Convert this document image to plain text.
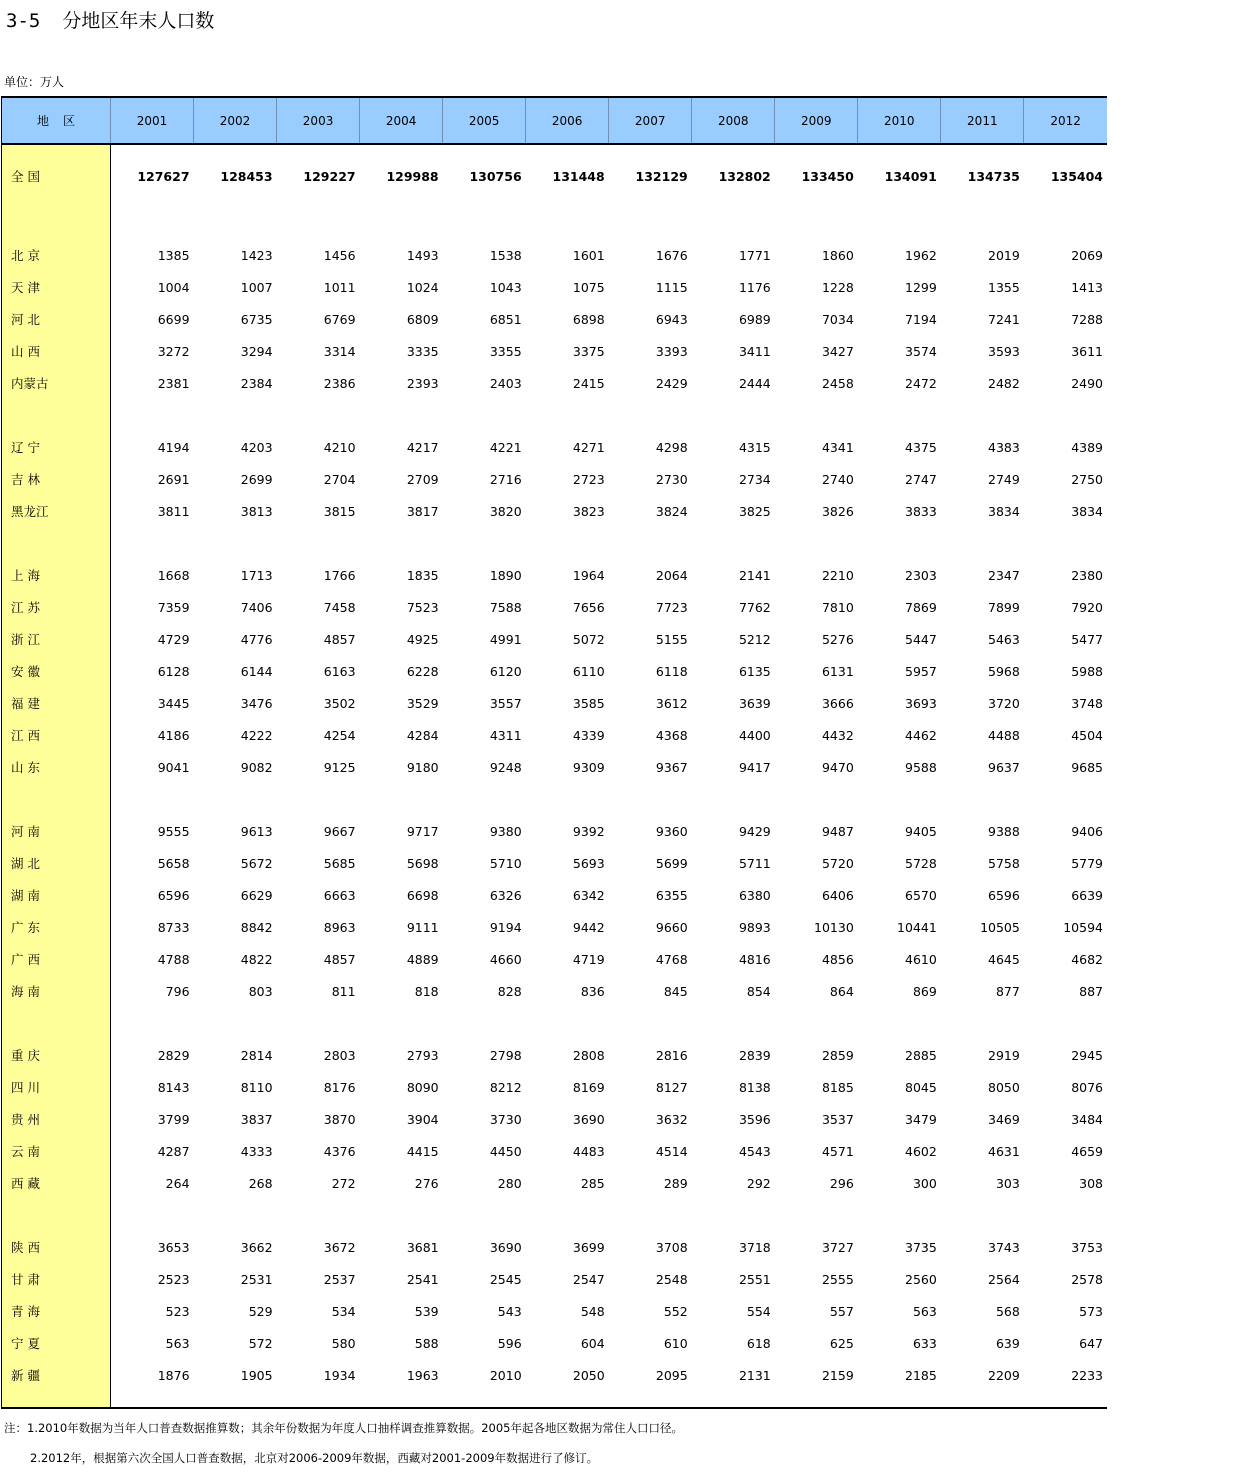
3-5 分地区年末人口数
单位：万人
地区	2001	2002	2003	2004	2005	2006	2007	2008	2009	2010	2011	2012
全 国	127627	128453	129227	129988	130756	131448	132129	132802	133450	134091	134735	135404

北 京	1385	1423	1456	1493	1538	1601	1676	1771	1860	1962	2019	2069
天 津	1004	1007	1011	1024	1043	1075	1115	1176	1228	1299	1355	1413
河 北	6699	6735	6769	6809	6851	6898	6943	6989	7034	7194	7241	7288
山 西	3272	3294	3314	3335	3355	3375	3393	3411	3427	3574	3593	3611
内蒙古	2381	2384	2386	2393	2403	2415	2429	2444	2458	2472	2482	2490

辽 宁	4194	4203	4210	4217	4221	4271	4298	4315	4341	4375	4383	4389
吉 林	2691	2699	2704	2709	2716	2723	2730	2734	2740	2747	2749	2750
黑龙江	3811	3813	3815	3817	3820	3823	3824	3825	3826	3833	3834	3834

上 海	1668	1713	1766	1835	1890	1964	2064	2141	2210	2303	2347	2380
江 苏	7359	7406	7458	7523	7588	7656	7723	7762	7810	7869	7899	7920
浙 江	4729	4776	4857	4925	4991	5072	5155	5212	5276	5447	5463	5477
安 徽	6128	6144	6163	6228	6120	6110	6118	6135	6131	5957	5968	5988
福 建	3445	3476	3502	3529	3557	3585	3612	3639	3666	3693	3720	3748
江 西	4186	4222	4254	4284	4311	4339	4368	4400	4432	4462	4488	4504
山 东	9041	9082	9125	9180	9248	9309	9367	9417	9470	9588	9637	9685

河 南	9555	9613	9667	9717	9380	9392	9360	9429	9487	9405	9388	9406
湖 北	5658	5672	5685	5698	5710	5693	5699	5711	5720	5728	5758	5779
湖 南	6596	6629	6663	6698	6326	6342	6355	6380	6406	6570	6596	6639
广 东	8733	8842	8963	9111	9194	9442	9660	9893	10130	10441	10505	10594
广 西	4788	4822	4857	4889	4660	4719	4768	4816	4856	4610	4645	4682
海 南	796	803	811	818	828	836	845	854	864	869	877	887

重 庆	2829	2814	2803	2793	2798	2808	2816	2839	2859	2885	2919	2945
四 川	8143	8110	8176	8090	8212	8169	8127	8138	8185	8045	8050	8076
贵 州	3799	3837	3870	3904	3730	3690	3632	3596	3537	3479	3469	3484
云 南	4287	4333	4376	4415	4450	4483	4514	4543	4571	4602	4631	4659
西 藏	264	268	272	276	280	285	289	292	296	300	303	308

陕 西	3653	3662	3672	3681	3690	3699	3708	3718	3727	3735	3743	3753
甘 肃	2523	2531	2537	2541	2545	2547	2548	2551	2555	2560	2564	2578
青 海	523	529	534	539	543	548	552	554	557	563	568	573
宁 夏	563	572	580	588	596	604	610	618	625	633	639	647
新 疆	1876	1905	1934	1963	2010	2050	2095	2131	2159	2185	2209	2233

注：1.2010年数据为当年人口普查数据推算数；其余年份数据为年度人口抽样调查推算数据。2005年起各地区数据为常住人口口径。
2.2012年，根据第六次全国人口普查数据，北京对2006-2009年数据，西藏对2001-2009年数据进行了修订。
